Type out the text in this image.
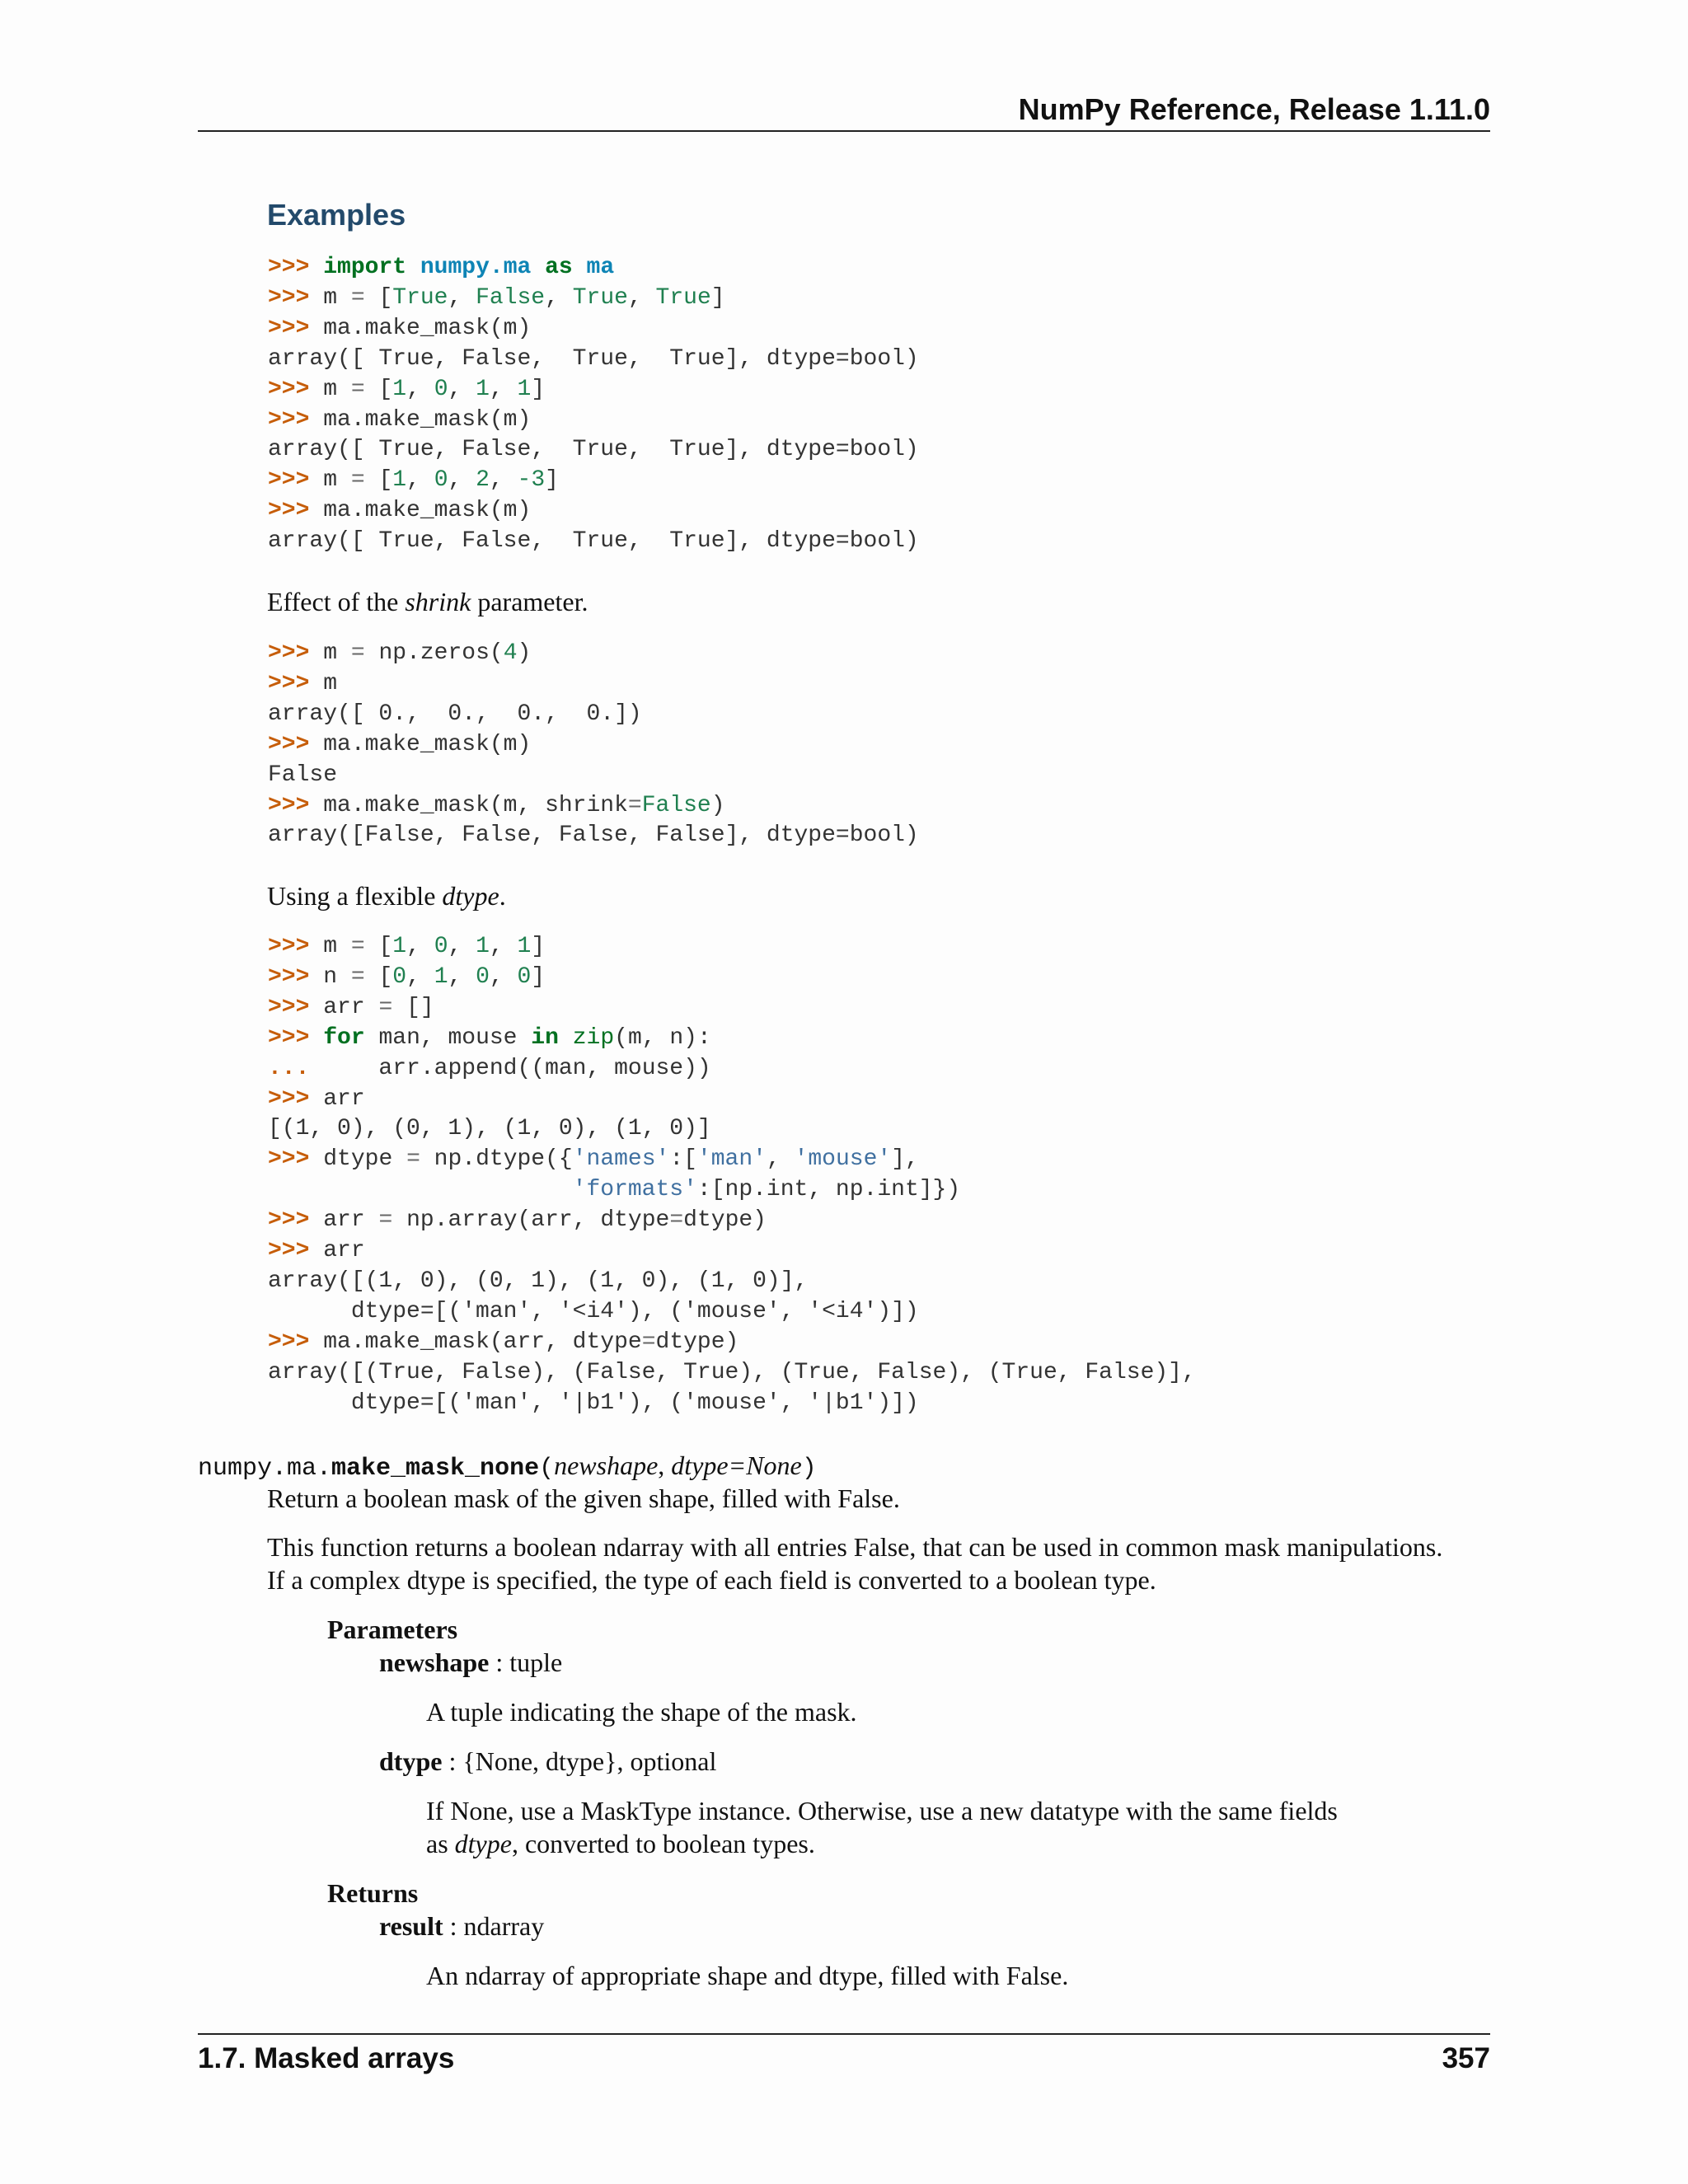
NumPy Reference, Release 1.11.0
Examples
>>> import numpy.ma as ma
>>> m = [True, False, True, True]
>>> ma.make_mask(m)
array([ True, False,  True,  True], dtype=bool)
>>> m = [1, 0, 1, 1]
>>> ma.make_mask(m)
array([ True, False,  True,  True], dtype=bool)
>>> m = [1, 0, 2, -3]
>>> ma.make_mask(m)
array([ True, False,  True,  True], dtype=bool)
Effect of the shrink parameter.
>>> m = np.zeros(4)
>>> m
array([ 0.,  0.,  0.,  0.])
>>> ma.make_mask(m)
False
>>> ma.make_mask(m, shrink=False)
array([False, False, False, False], dtype=bool)
Using a flexible dtype.
>>> m = [1, 0, 1, 1]
>>> n = [0, 1, 0, 0]
>>> arr = []
>>> for man, mouse in zip(m, n):
...     arr.append((man, mouse))
>>> arr
[(1, 0), (0, 1), (1, 0), (1, 0)]
>>> dtype = np.dtype({'names':['man', 'mouse'],
'formats':[np.int, np.int]})
>>> arr = np.array(arr, dtype=dtype)
>>> arr
array([(1, 0), (0, 1), (1, 0), (1, 0)],
dtype=[('man', '<i4'), ('mouse', '<i4')])
>>> ma.make_mask(arr, dtype=dtype)
array([(True, False), (False, True), (True, False), (True, False)],
dtype=[('man', '|b1'), ('mouse', '|b1')])
numpy.ma.make_mask_none(newshape, dtype=None)
Return a boolean mask of the given shape, filled with False.
This function returns a boolean ndarray with all entries False, that can be used in common mask manipulations.
If a complex dtype is specified, the type of each field is converted to a boolean type.
Parameters
newshape : tuple
A tuple indicating the shape of the mask.
dtype : {None, dtype}, optional
If None, use a MaskType instance. Otherwise, use a new datatype with the same fields
as dtype, converted to boolean types.
Returns
result : ndarray
An ndarray of appropriate shape and dtype, filled with False.
1.7. Masked arrays	357
